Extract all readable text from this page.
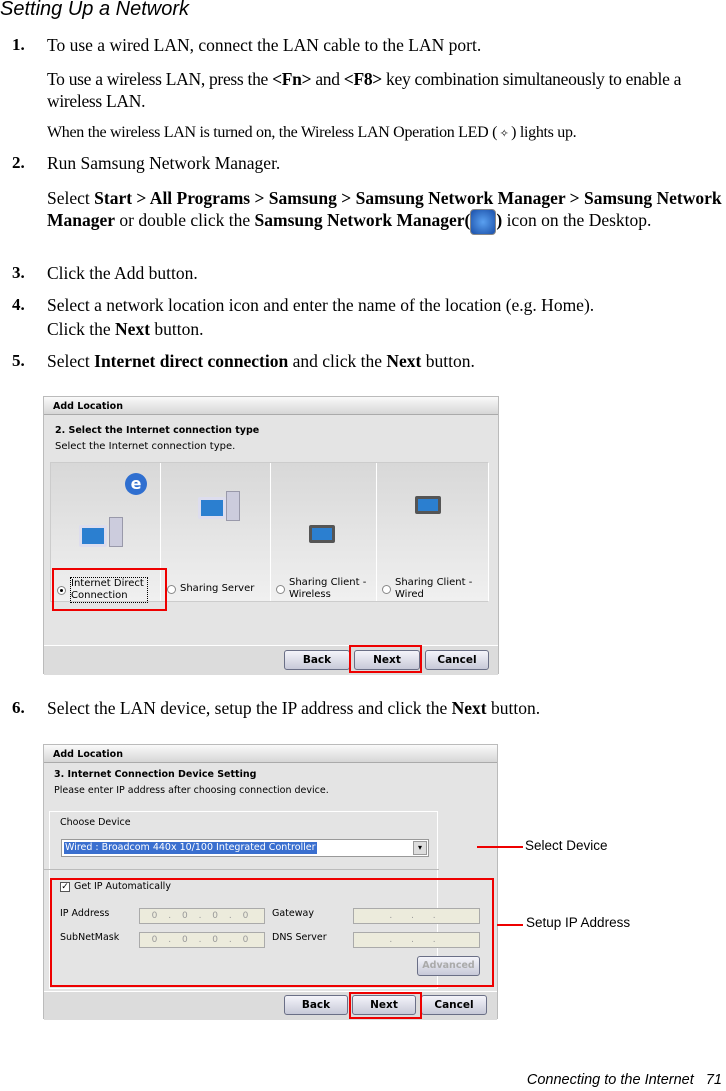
Setting Up a Network
1. To use a wired LAN, connect the LAN cable to the LAN port.
To use a wireless LAN, press the <Fn> and <F8> key combination simultaneously to enable a wireless LAN.
When the wireless LAN is turned on, the Wireless LAN Operation LED ( ✧ ) lights up.
2. Run Samsung Network Manager.
Select Start > All Programs > Samsung > Samsung Network Manager > Samsung Network Manager or double click the Samsung Network Manager( ) icon on the Desktop.
3. Click the Add button.
4. Select a network location icon and enter the name of the location (e.g. Home).
Click the Next button.
5. Select Internet direct connection and click the Next button.
Add Location
2. Select the Internet connection type
Select the Internet connection type.
e
Internet Direct Connection
Sharing Server
Sharing Client - Wireless
Sharing Client - Wired
Back	Next	Cancel
6. Select the LAN device, setup the IP address and click the Next button.
Add Location
3. Internet Connection Device Setting
Please enter IP address after choosing connection device.
Choose Device
Wired : Broadcom 440x 10/100 Integrated Controller	▾
✓ Get IP Automatically
IP Address	0 . 0 . 0 . 0
SubNetMask	0 . 0 . 0 . 0
Gateway	. . .
DNS Server	. . .
Advanced
Back	Next	Cancel
Select Device
Setup IP Address
Connecting to the Internet 71
